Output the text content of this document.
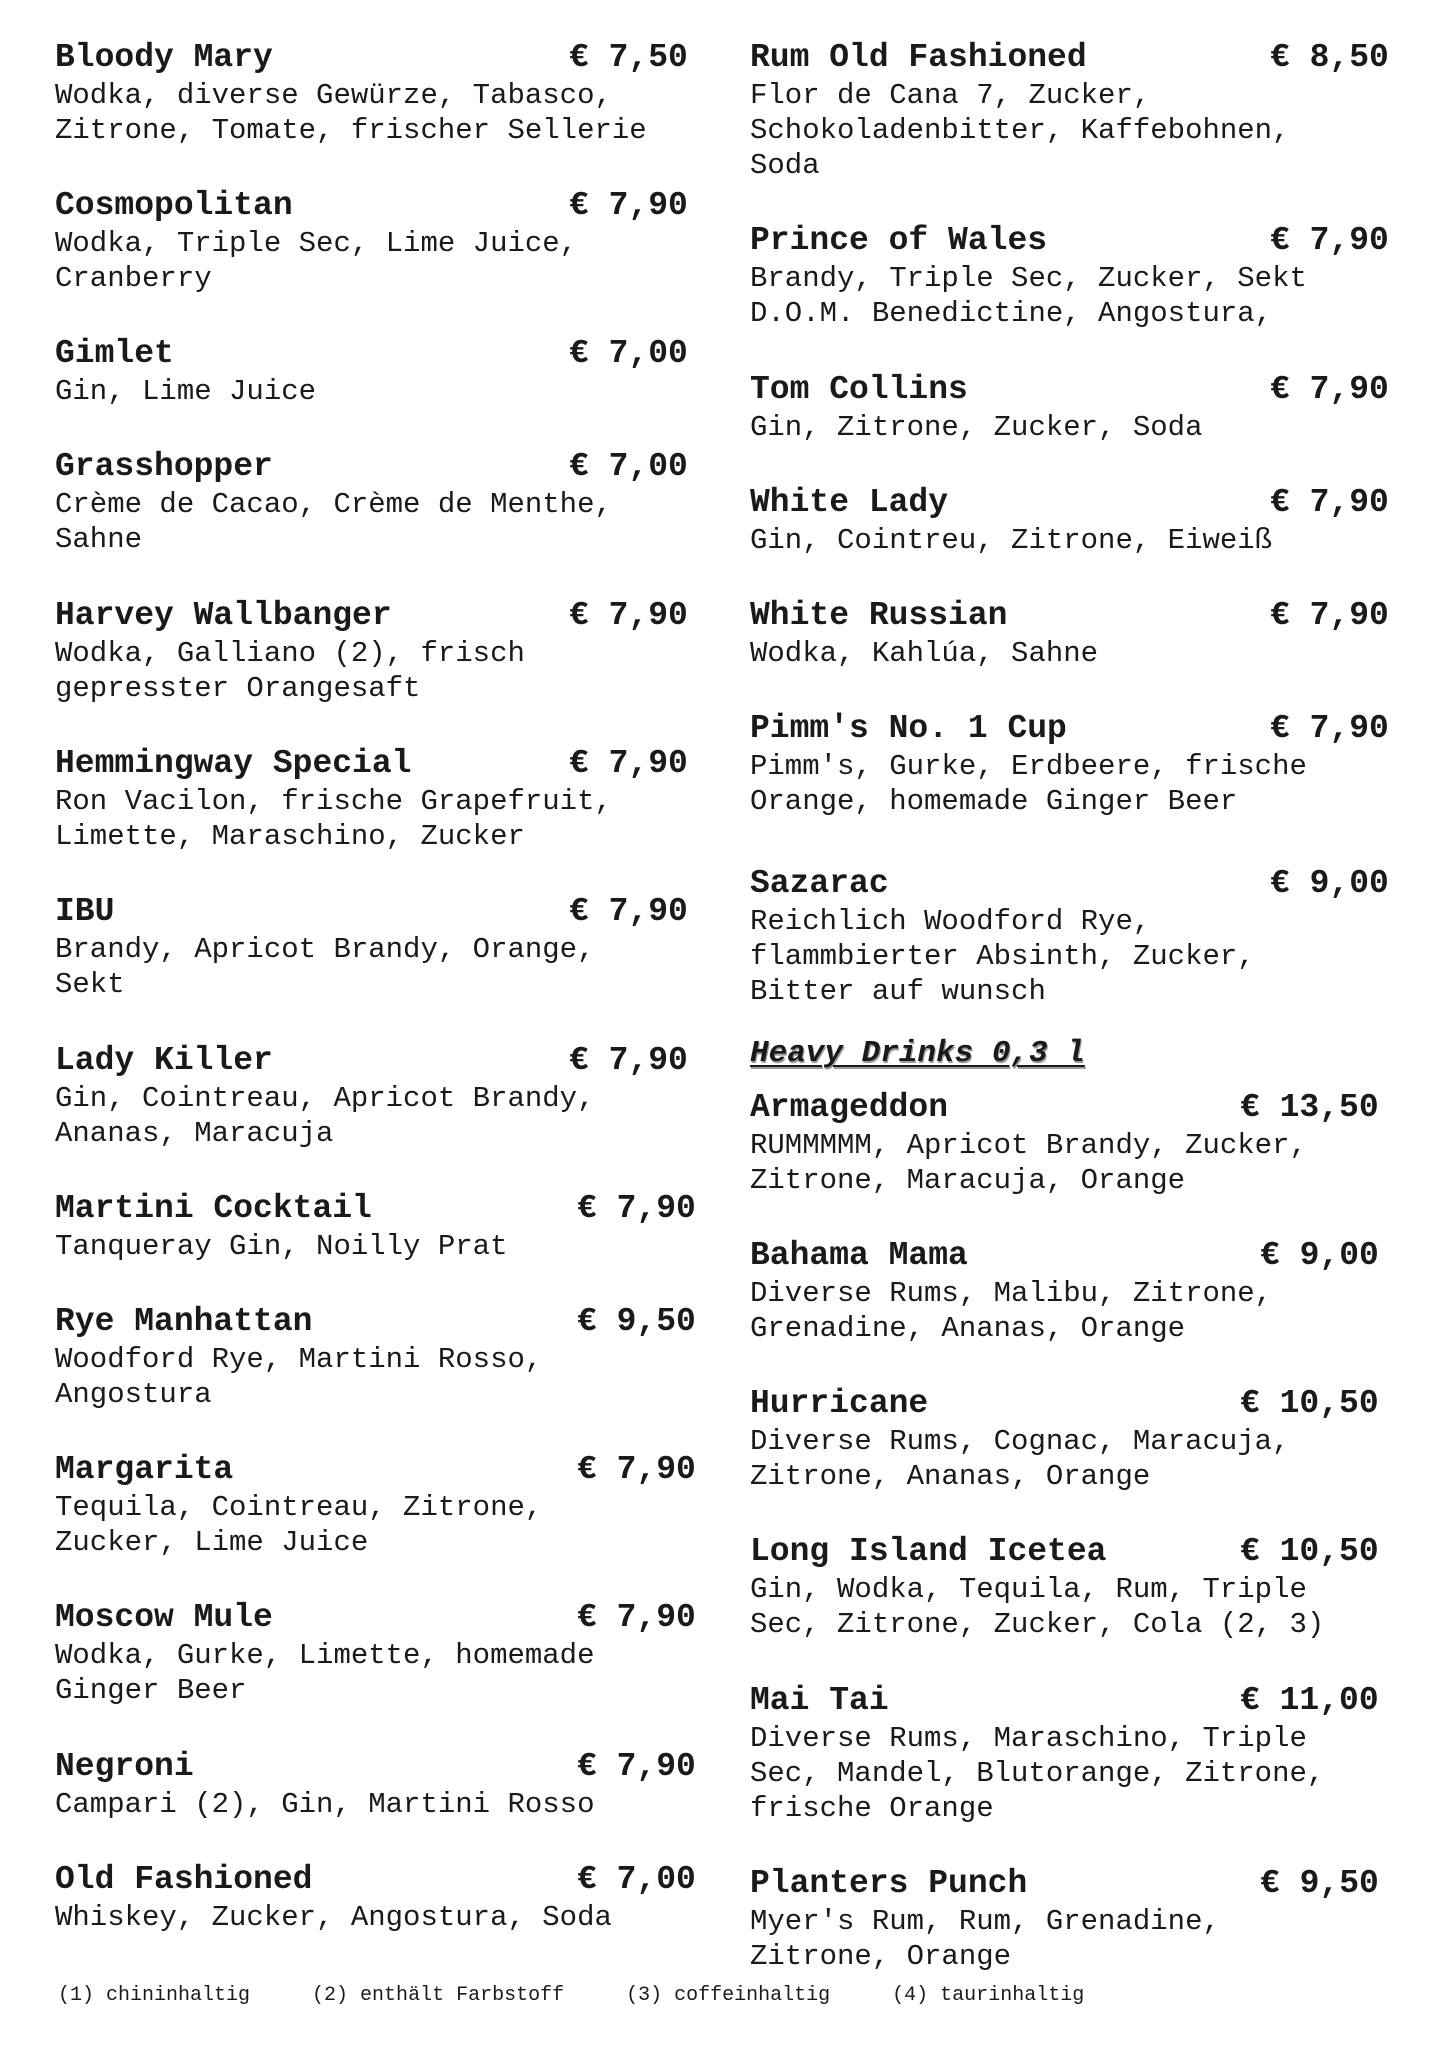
Bloody Mary	€ 7,50
Wodka, diverse Gewürze, Tabasco,
Zitrone, Tomate, frischer Sellerie
Cosmopolitan	€ 7,90
Wodka, Triple Sec, Lime Juice,
Cranberry
Gimlet	€ 7,00
Gin, Lime Juice
Grasshopper	€ 7,00
Crème de Cacao, Crème de Menthe,
Sahne
Harvey Wallbanger	€ 7,90
Wodka, Galliano (2), frisch
gepresster Orangesaft
Hemmingway Special	€ 7,90
Ron Vacilon, frische Grapefruit,
Limette, Maraschino, Zucker
IBU	€ 7,90
Brandy, Apricot Brandy, Orange,
Sekt
Lady Killer	€ 7,90
Gin, Cointreau, Apricot Brandy,
Ananas, Maracuja
Martini Cocktail	€ 7,90
Tanqueray Gin, Noilly Prat
Rye Manhattan	€ 9,50
Woodford Rye, Martini Rosso,
Angostura
Margarita	€ 7,90
Tequila, Cointreau, Zitrone,
Zucker, Lime Juice
Moscow Mule	€ 7,90
Wodka, Gurke, Limette, homemade
Ginger Beer
Negroni	€ 7,90
Campari (2), Gin, Martini Rosso
Old Fashioned	€ 7,00
Whiskey, Zucker, Angostura, Soda
Rum Old Fashioned	€ 8,50
Flor de Cana 7, Zucker,
Schokoladenbitter, Kaffebohnen,
Soda
Prince of Wales	€ 7,90
Brandy, Triple Sec, Zucker, Sekt
D.O.M. Benedictine, Angostura,
Tom Collins	€ 7,90
Gin, Zitrone, Zucker, Soda
White Lady	€ 7,90
Gin, Cointreu, Zitrone, Eiweiß
White Russian	€ 7,90
Wodka, Kahlúa, Sahne
Pimm's No. 1 Cup	€ 7,90
Pimm's, Gurke, Erdbeere, frische
Orange, homemade Ginger Beer
Sazarac	€ 9,00
Reichlich Woodford Rye,
flammbierter Absinth, Zucker,
Bitter auf wunsch
Heavy Drinks 0,3 l
Armageddon	€ 13,50
RUMMMMM, Apricot Brandy, Zucker,
Zitrone, Maracuja, Orange
Bahama Mama	€ 9,00
Diverse Rums, Malibu, Zitrone,
Grenadine, Ananas, Orange
Hurricane	€ 10,50
Diverse Rums, Cognac, Maracuja,
Zitrone, Ananas, Orange
Long Island Icetea	€ 10,50
Gin, Wodka, Tequila, Rum, Triple
Sec, Zitrone, Zucker, Cola (2, 3)
Mai Tai	€ 11,00
Diverse Rums, Maraschino, Triple
Sec, Mandel, Blutorange, Zitrone,
frische Orange
Planters Punch	€ 9,50
Myer's Rum, Rum, Grenadine,
Zitrone, Orange
(1) chininhaltig	(2) enthält Farbstoff	(3) coffeinhaltig	(4) taurinhaltig
